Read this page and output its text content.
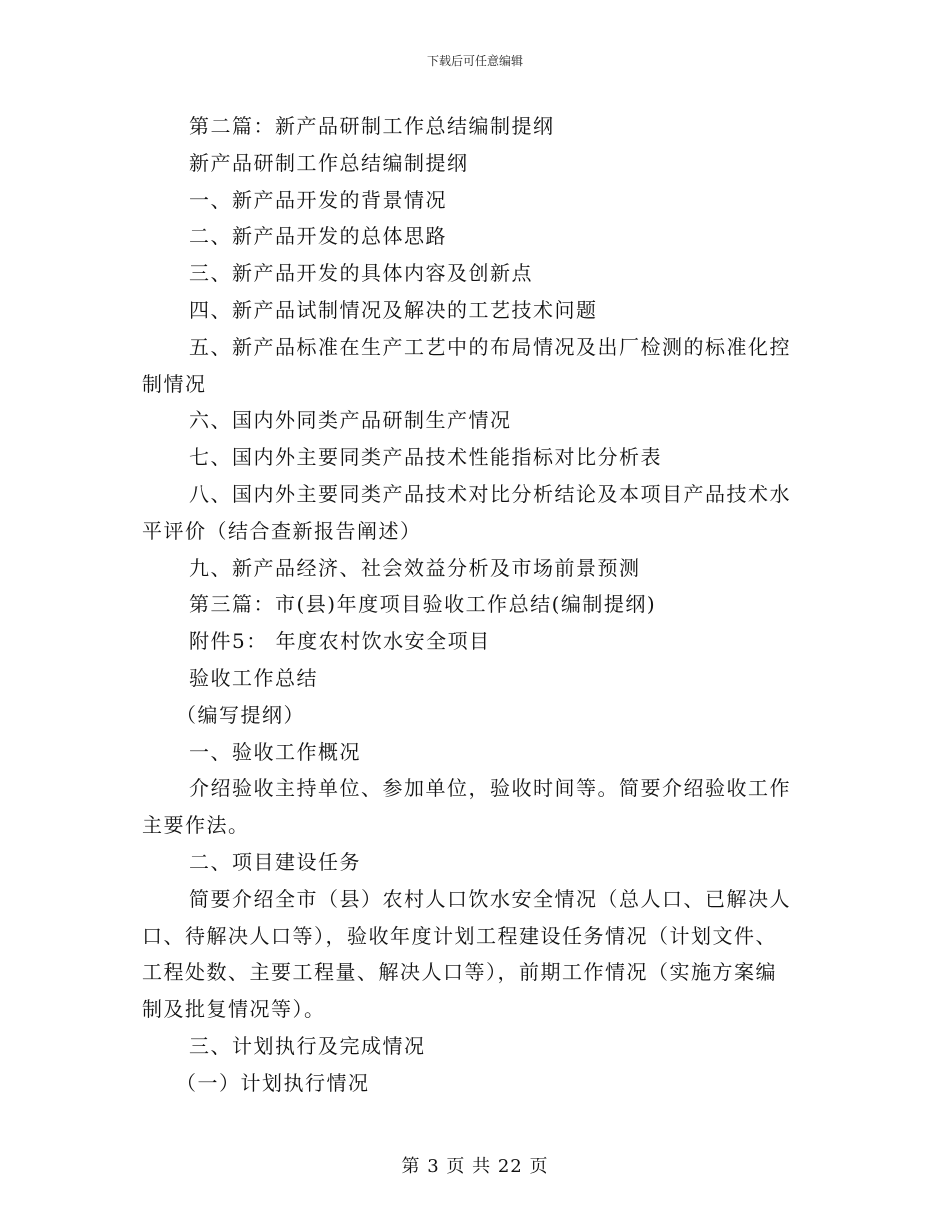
下载后可任意编辑
第二篇：新产品研制工作总结编制提纲
新产品研制工作总结编制提纲
一、新产品开发的背景情况
二、新产品开发的总体思路
三、新产品开发的具体内容及创新点
四、新产品试制情况及解决的工艺技术问题
五、新产品标准在生产工艺中的布局情况及出厂检测的标准化控
制情况
六、国内外同类产品研制生产情况
七、国内外主要同类产品技术性能指标对比分析表
八、国内外主要同类产品技术对比分析结论及本项目产品技术水
平评价（结合查新报告阐述）
九、新产品经济、社会效益分析及市场前景预测
第三篇：市(县)年度项目验收工作总结(编制提纲)
附件5： 年度农村饮水安全项目
验收工作总结
（编写提纲）
一、验收工作概况
介绍验收主持单位、参加单位，验收时间等。简要介绍验收工作
主要作法。
二、项目建设任务
简要介绍全市（县）农村人口饮水安全情况（总人口、已解决人
口、待解决人口等），验收年度计划工程建设任务情况（计划文件、
工程处数、主要工程量、解决人口等），前期工作情况（实施方案编
制及批复情况等）。
三、计划执行及完成情况
（一）计划执行情况
第 3 页 共 22 页
